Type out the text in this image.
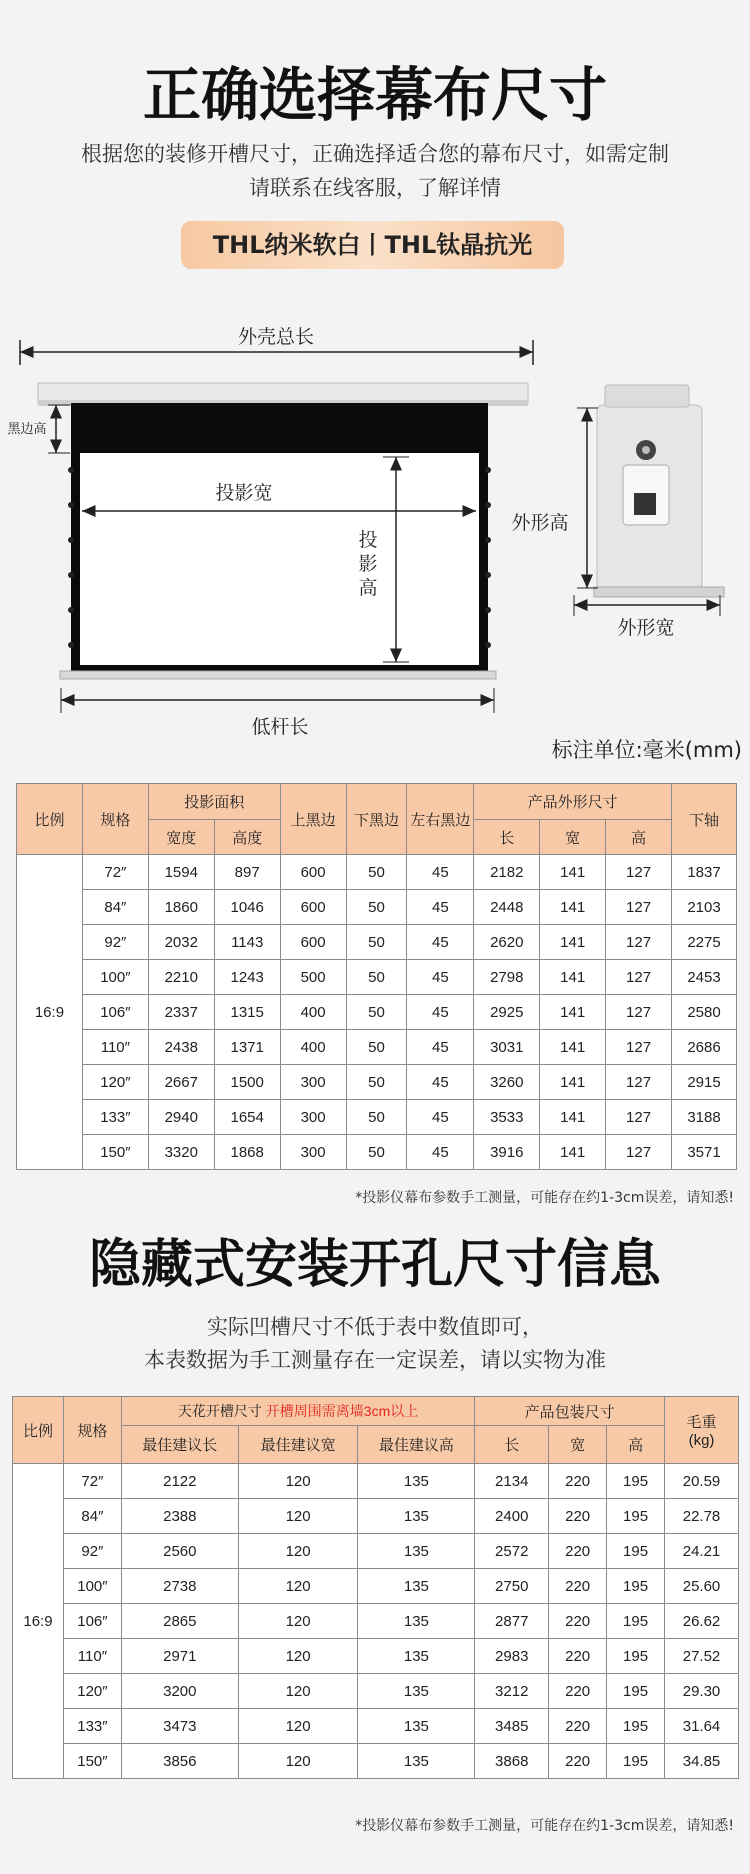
正确选择幕布尺寸
根据您的装修开槽尺寸，正确选择适合您的幕布尺寸，如需定制
请联系在线客服，了解详情
THL纳米软白丨THL钛晶抗光
外壳总长
黑边高
投影宽
投
影
高
低杆长
外形高
外形宽
标注单位:毫米(mm)
比例	规格	投影面积		上黑边	下黑边	左右黑边	产品外形尺寸			下轴
		宽度	高度				长	宽	高	
16:9	72″	1594	897	600	50	45	2182	141	127	1837
	84″	1860	1046	600	50	45	2448	141	127	2103
	92″	2032	1143	600	50	45	2620	141	127	2275
	100″	2210	1243	500	50	45	2798	141	127	2453
	106″	2337	1315	400	50	45	2925	141	127	2580
	110″	2438	1371	400	50	45	3031	141	127	2686
	120″	2667	1500	300	50	45	3260	141	127	2915
	133″	2940	1654	300	50	45	3533	141	127	3188
	150″	3320	1868	300	50	45	3916	141	127	3571
*投影仪幕布参数手工测量，可能存在约1-3cm误差，请知悉!
隐藏式安装开孔尺寸信息
实际凹槽尺寸不低于表中数值即可，
本表数据为手工测量存在一定误差，请以实物为准
比例	规格	天花开槽尺寸 开槽周围需离墙3cm以上			产品包装尺寸			毛重
(kg)

		最佳建议长	最佳建议宽	最佳建议高	长	宽	高	
16:9	72″	2122	120	135	2134	220	195	20.59
	84″	2388	120	135	2400	220	195	22.78
	92″	2560	120	135	2572	220	195	24.21
	100″	2738	120	135	2750	220	195	25.60
	106″	2865	120	135	2877	220	195	26.62
	110″	2971	120	135	2983	220	195	27.52
	120″	3200	120	135	3212	220	195	29.30
	133″	3473	120	135	3485	220	195	31.64
	150″	3856	120	135	3868	220	195	34.85
*投影仪幕布参数手工测量，可能存在约1-3cm误差，请知悉!
